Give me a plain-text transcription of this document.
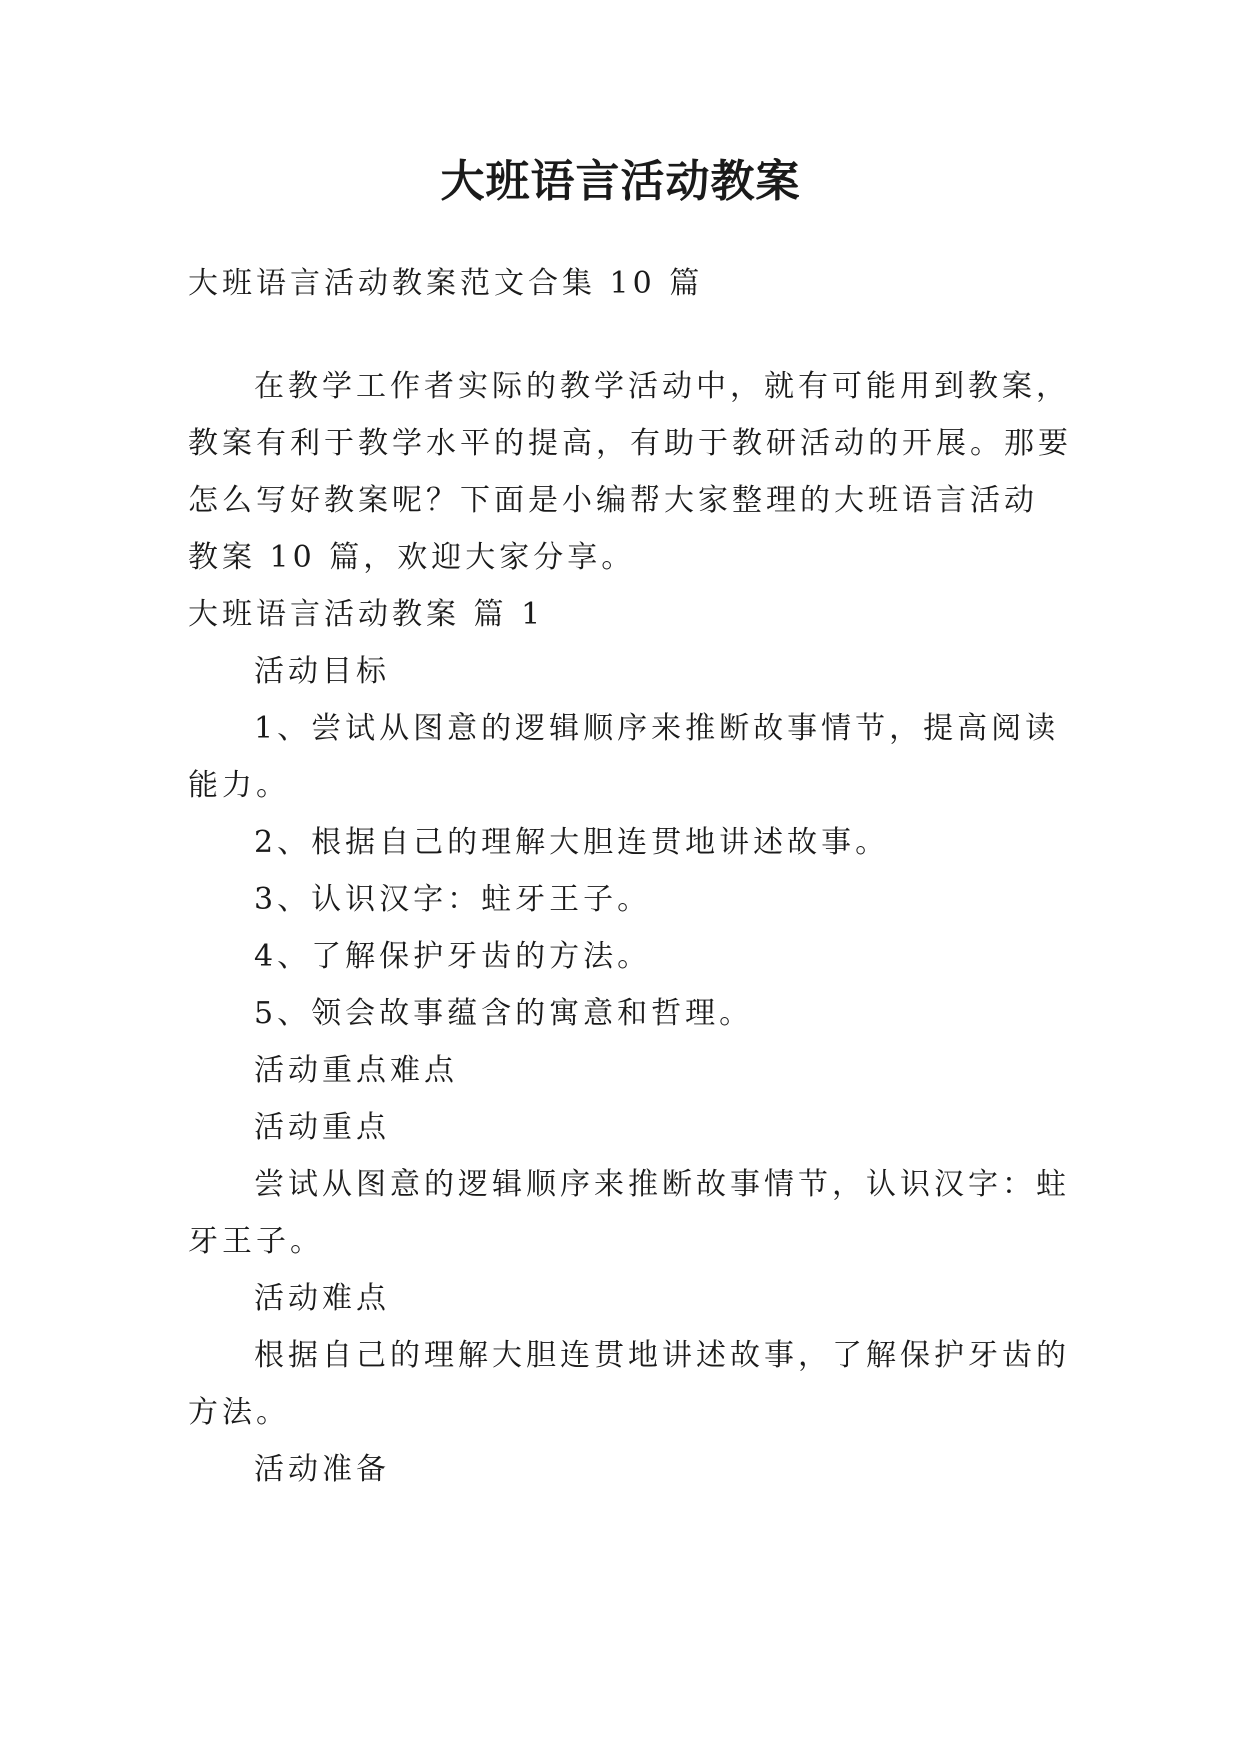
大班语言活动教案
大班语言活动教案范文合集 10 篇
在教学工作者实际的教学活动中，就有可能用到教案，
教案有利于教学水平的提高，有助于教研活动的开展。那要
怎么写好教案呢？下面是小编帮大家整理的大班语言活动
教案 10 篇，欢迎大家分享。
大班语言活动教案 篇 1
活动目标
1、尝试从图意的逻辑顺序来推断故事情节，提高阅读
能力。
2、根据自己的理解大胆连贯地讲述故事。
3、认识汉字：蛀牙王子。
4、了解保护牙齿的方法。
5、领会故事蕴含的寓意和哲理。
活动重点难点
活动重点
尝试从图意的逻辑顺序来推断故事情节，认识汉字：蛀
牙王子。
活动难点
根据自己的理解大胆连贯地讲述故事，了解保护牙齿的
方法。
活动准备
